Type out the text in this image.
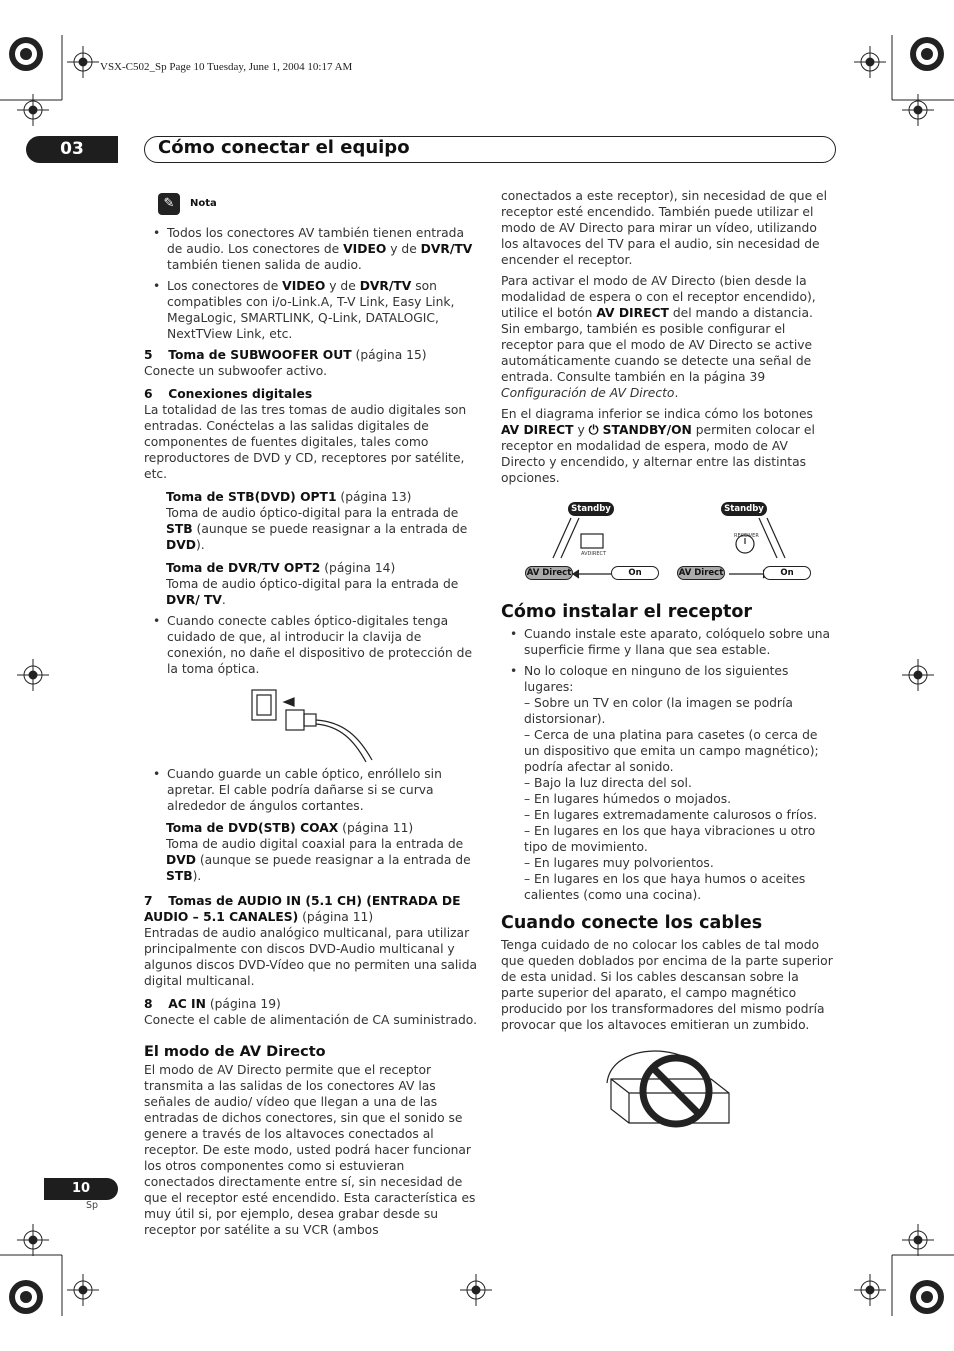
VSX-C502_Sp Page 10 Tuesday, June 1, 2004 10:17 AM
03	Cómo conectar el equipo
✎ Nota
• Todos los conectores AV también tienen entrada de audio. Los conectores de VIDEO y de DVR/TV también tienen salida de audio.
• Los conectores de VIDEO y de DVR/TV son compatibles con i/o-Link.A, T-V Link, Easy Link, MegaLogic, SMARTLINK, Q-Link, DATALOGIC, NextTView Link, etc.

5 Toma de SUBWOOFER OUT (página 15)
Conecte un subwoofer activo.

6 Conexiones digitales
La totalidad de las tres tomas de audio digitales son entradas. Conéctelas a las salidas digitales de componentes de fuentes digitales, tales como reproductores de DVD y CD, receptores por satélite, etc.

Toma de STB(DVD) OPT1 (página 13)
Toma de audio óptico-digital para la entrada de STB (aunque se puede reasignar a la entrada de DVD).

Toma de DVR/TV OPT2 (página 14)
Toma de audio óptico-digital para la entrada de DVR/ TV.

• Cuando conecte cables óptico-digitales tenga cuidado de que, al introducir la clavija de conexión, no dañe el dispositivo de protección de la toma óptica.
• Cuando guarde un cable óptico, enróllelo sin apretar. El cable podría dañarse si se curva alrededor de ángulos cortantes.

Toma de DVD(STB) COAX (página 11)
Toma de audio digital coaxial para la entrada de DVD (aunque se puede reasignar a la entrada de STB).

7 Tomas de AUDIO IN (5.1 CH) (ENTRADA DE AUDIO – 5.1 CANALES) (página 11)
Entradas de audio analógico multicanal, para utilizar principalmente con discos DVD-Audio multicanal y algunos discos DVD-Vídeo que no permiten una salida digital multicanal.

8 AC IN (página 19)
Conecte el cable de alimentación de CA suministrado.

El modo de AV Directo

El modo de AV Directo permite que el receptor transmita a las salidas de los conectores AV las señales de audio/ vídeo que llegan a una de las entradas de dichos conectores, sin que el sonido se genere a través de los altavoces conectados al receptor. De este modo, usted podrá hacer funcionar los otros componentes como si estuvieran conectados directamente entre sí, sin necesidad de que el receptor esté encendido. Esta característica es muy útil si, por ejemplo, desea grabar desde su receptor por satélite a su VCR (ambos

conectados a este receptor), sin necesidad de que el receptor esté encendido. También puede utilizar el modo de AV Directo para mirar un vídeo, utilizando los altavoces del TV para el audio, sin necesidad de encender el receptor.

Para activar el modo de AV Directo (bien desde la modalidad de espera o con el receptor encendido), utilice el botón AV DIRECT del mando a distancia. Sin embargo, también es posible configurar el receptor para que el modo de AV Directo se active automáticamente cuando se detecte una señal de entrada. Consulte también en la página 39 Configuración de AV Directo.

En el diagrama inferior se indica cómo los botones AV DIRECT y ⏻ STANDBY/ON permiten colocar el receptor en modalidad de espera, modo de AV Directo y encendido, y alternar entre las distintas opciones.

Standby	Standby
AVDIRECT
RECEIVER
AV Direct	On	AV Direct	On
Cómo instalar el receptor
• Cuando instale este aparato, colóquelo sobre una superficie firme y llana que sea estable.
• No lo coloque en ninguno de los siguientes lugares:
– Sobre un TV en color (la imagen se podría distorsionar).
– Cerca de una platina para casetes (o cerca de un dispositivo que emita un campo magnético); podría afectar al sonido.
– Bajo la luz directa del sol.
– En lugares húmedos o mojados.
– En lugares extremadamente calurosos o fríos.
– En lugares en los que haya vibraciones u otro tipo de movimiento.
– En lugares muy polvorientos.
– En lugares en los que haya humos o aceites calientes (como una cocina).
Cuando conecte los cables

Tenga cuidado de no colocar los cables de tal modo que queden doblados por encima de la parte superior de esta unidad. Si los cables descansan sobre la parte superior del aparato, el campo magnético producido por los transformadores del mismo podría provocar que los altavoces emitieran un zumbido.

10
Sp
